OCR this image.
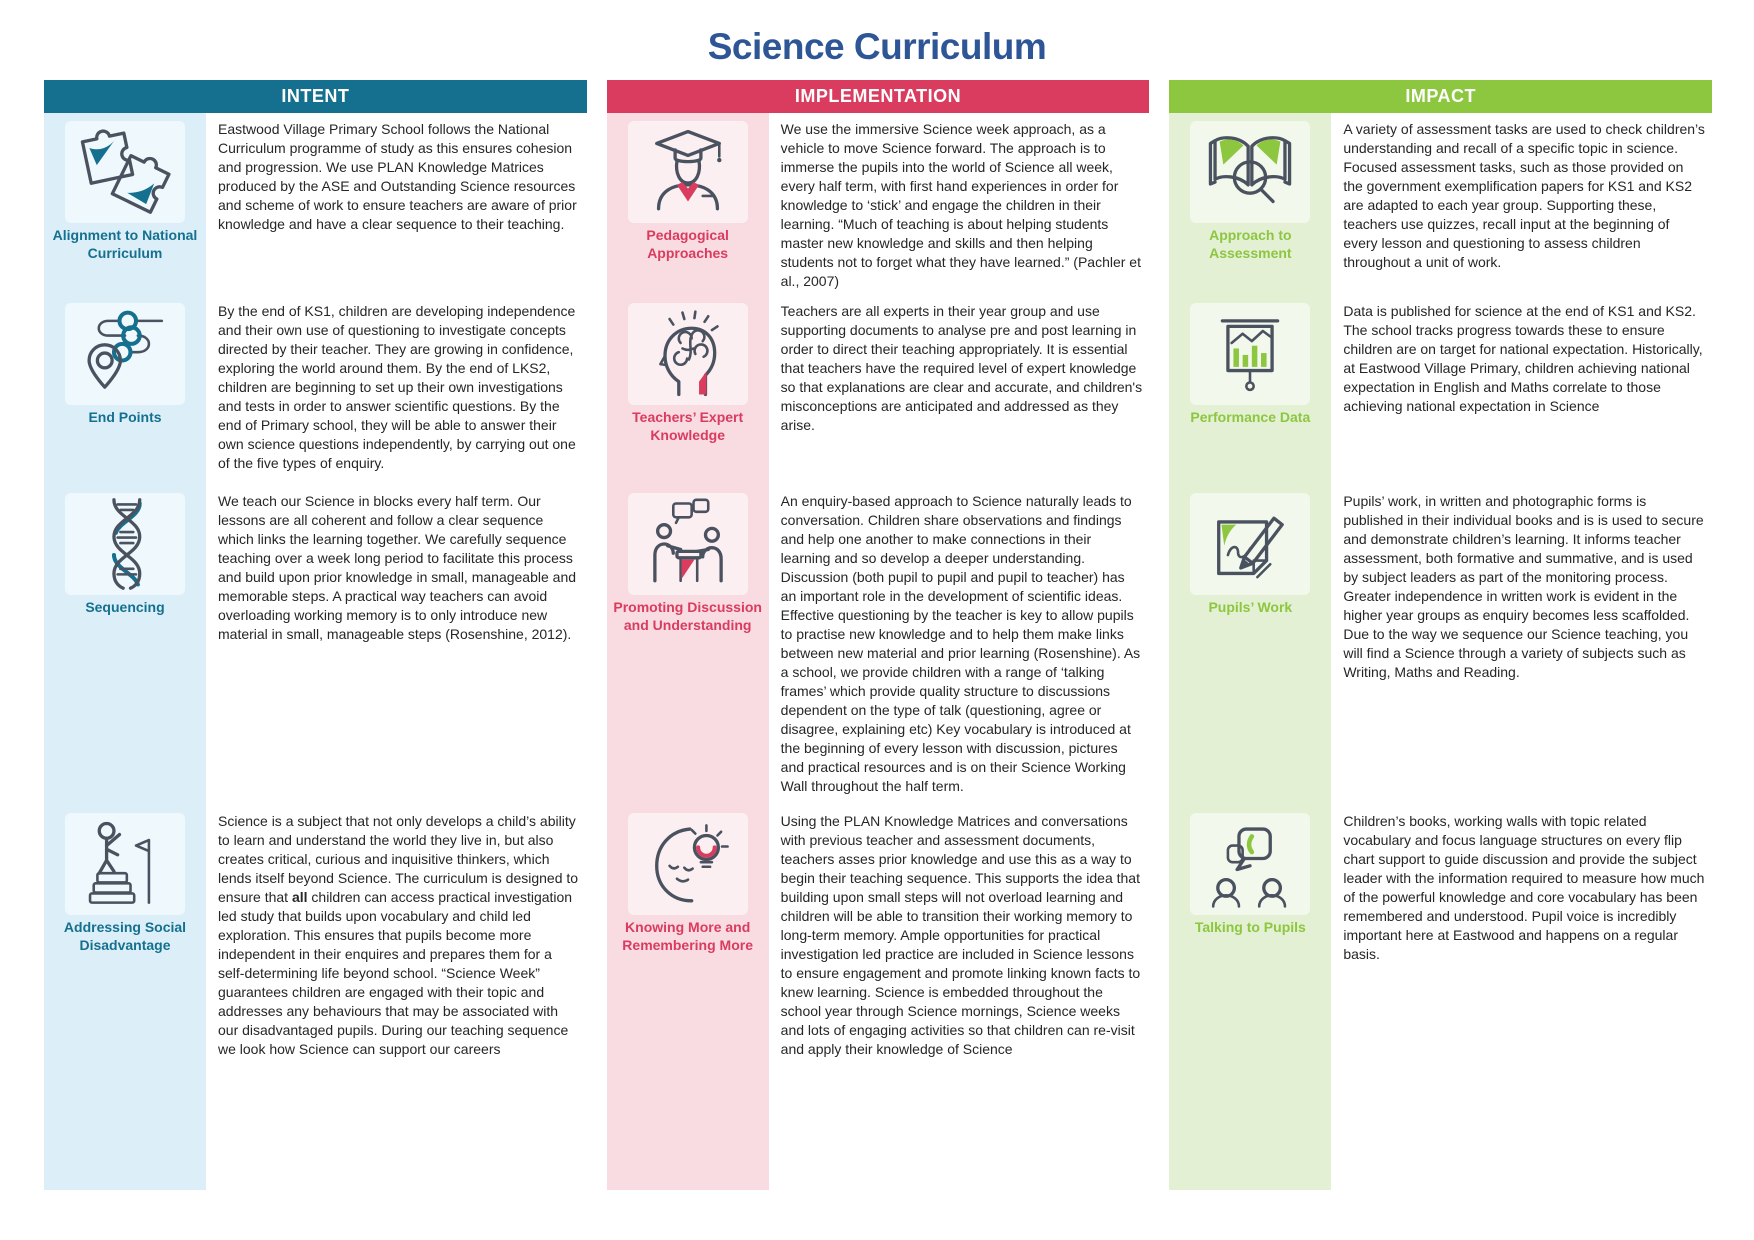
Science Curriculum
INTENT
Alignment to National Curriculum
Eastwood Village Primary School follows the National Curriculum programme of study as this ensures cohesion and progression. We use PLAN Knowledge Matrices produced by the ASE and Outstanding Science resources and scheme of work to ensure teachers are aware of prior knowledge and have a clear sequence to their teaching.
End Points
By the end of KS1, children are developing independence and their own use of questioning to investigate concepts directed by their teacher. They are growing in confidence, exploring the world around them. By the end of LKS2, children are beginning to set up their own investigations and tests in order to answer scientific questions. By the end of Primary school, they will be able to answer their own science questions independently, by carrying out one of the five types of enquiry.
Sequencing
We teach our Science in blocks every half term. Our lessons are all coherent and follow a clear sequence which links the learning together. We carefully sequence teaching over a week long period to facilitate this process and build upon prior knowledge in small, manageable and memorable steps. A practical way teachers can avoid overloading working memory is to only introduce new material in small, manageable steps (Rosenshine, 2012).
Addressing Social Disadvantage
Science is a subject that not only develops a child’s ability to learn and understand the world they live in, but also creates critical, curious and inquisitive thinkers, which lends itself beyond Science. The curriculum is designed to ensure that all children can access practical investigation led study that builds upon vocabulary and child led exploration. This ensures that pupils become more independent in their enquires and prepares them for a self-determining life beyond school. “Science Week” guarantees children are engaged with their topic and addresses any behaviours that may be associated with our disadvantaged pupils. During our teaching sequence we look how Science can support our careers
IMPLEMENTATION
Pedagogical Approaches
We use the immersive Science week approach, as a vehicle to move Science forward. The approach is to immerse the pupils into the world of Science all week, every half term, with first hand experiences in order for knowledge to ‘stick’ and engage the children in their learning. “Much of teaching is about helping students master new knowledge and skills and then helping students not to forget what they have learned.” (Pachler et al., 2007)
Teachers’ Expert Knowledge
Teachers are all experts in their year group and use supporting documents to analyse pre and post learning in order to direct their teaching appropriately. It is essential that teachers have the required level of expert knowledge so that explanations are clear and accurate, and children's misconceptions are anticipated and addressed as they arise.
Promoting Discussion and Understanding
An enquiry-based approach to Science naturally leads to conversation. Children share observations and findings and help one another to make connections in their learning and so develop a deeper understanding. Discussion (both pupil to pupil and pupil to teacher) has an important role in the development of scientific ideas. Effective questioning by the teacher is key to allow pupils to practise new knowledge and to help them make links between new material and prior learning (Rosenshine). As a school, we provide children with a range of ‘talking frames’ which provide quality structure to discussions dependent on the type of talk (questioning, agree or disagree, explaining etc) Key vocabulary is introduced at the beginning of every lesson with discussion, pictures and practical resources and is on their Science Working Wall throughout the half term.
Knowing More and Remembering More
Using the PLAN Knowledge Matrices and conversations with previous teacher and assessment documents, teachers asses prior knowledge and use this as a way to begin their teaching sequence. This supports the idea that building upon small steps will not overload learning and children will be able to transition their working memory to long-term memory. Ample opportunities for practical investigation led practice are included in Science lessons to ensure engagement and promote linking known facts to knew learning. Science is embedded throughout the school year through Science mornings, Science weeks and lots of engaging activities so that children can re-visit and apply their knowledge of Science
IMPACT
Approach to Assessment
A variety of assessment tasks are used to check children’s understanding and recall of a specific topic in science. Focused assessment tasks, such as those provided on the government exemplification papers for KS1 and KS2 are adapted to each year group. Supporting these, teachers use quizzes, recall input at the beginning of every lesson and questioning to assess children throughout a unit of work.
Performance Data
Data is published for science at the end of KS1 and KS2. The school tracks progress towards these to ensure children are on target for national expectation. Historically, at Eastwood Village Primary, children achieving national expectation in English and Maths correlate to those achieving national expectation in Science
Pupils’ Work
Pupils’ work, in written and photographic forms is published in their individual books and is is used to secure and demonstrate children’s learning. It informs teacher assessment, both formative and summative, and is used by subject leaders as part of the monitoring process. Greater independence in written work is evident in the higher year groups as enquiry becomes less scaffolded. Due to the way we sequence our Science teaching, you will find a Science through a variety of subjects such as Writing, Maths and Reading.
Talking to Pupils
Children’s books, working walls with topic related vocabulary and focus language structures on every flip chart support to guide discussion and provide the subject leader with the information required to measure how much of the powerful knowledge and core vocabulary has been remembered and understood. Pupil voice is incredibly important here at Eastwood and happens on a regular basis.
